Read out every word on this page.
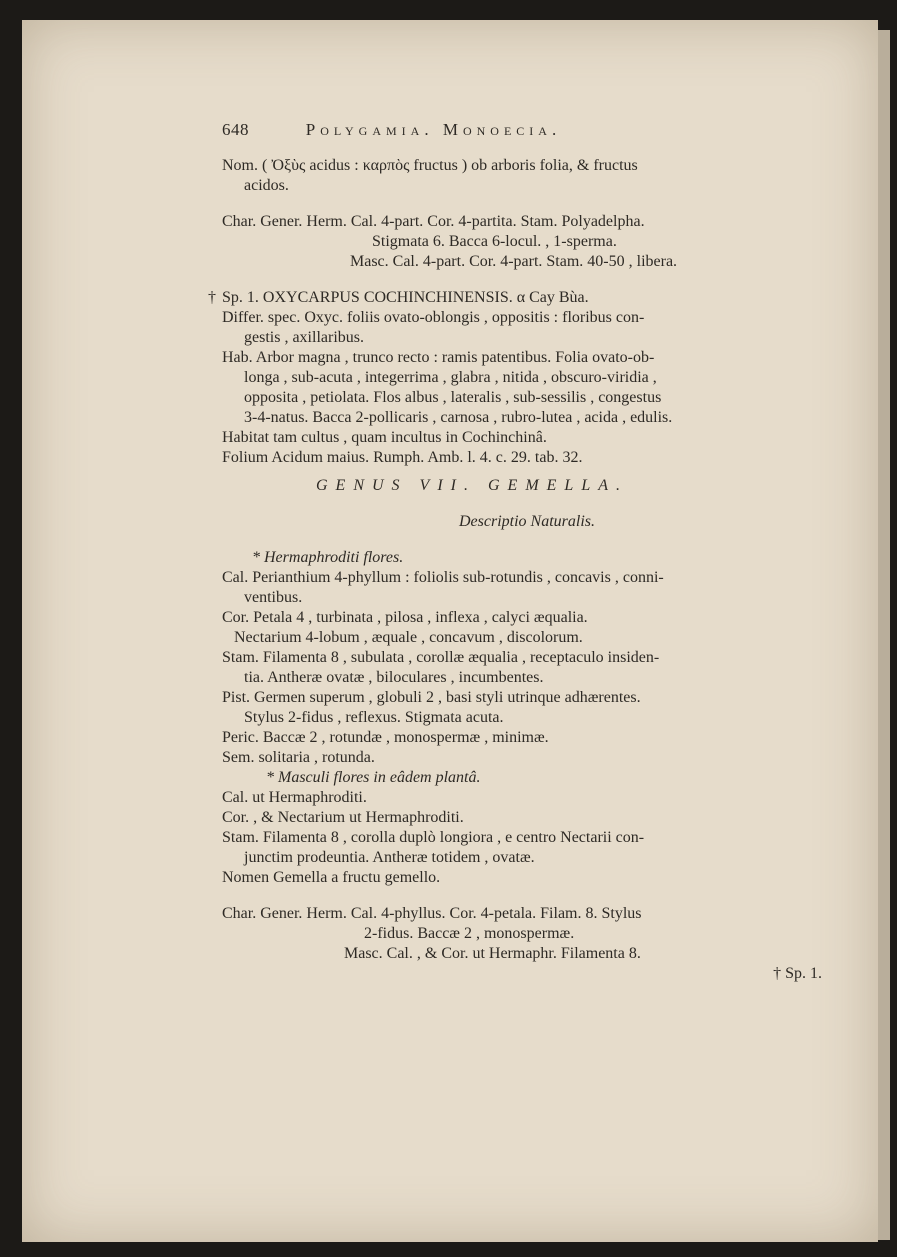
648	Polygamia. Monoecia.
Nom. ( Ὀξὺς acidus : καρπὸς fructus ) ob arboris folia, & fructus
acidos.
Char. Gener. Herm. Cal. 4-part. Cor. 4-partita. Stam. Polyadelpha.
Stigmata 6. Bacca 6-locul. , 1-sperma.
Masc. Cal. 4-part. Cor. 4-part. Stam. 40-50 , libera.
† Sp. 1. OXYCARPUS COCHINCHINENSIS. α Cay Bùa.
Differ. spec. Oxyc. foliis ovato-oblongis , oppositis : floribus con-
gestis , axillaribus.
Hab. Arbor magna , trunco recto : ramis patentibus. Folia ovato-ob-
longa , sub-acuta , integerrima , glabra , nitida , obscuro-viridia ,
opposita , petiolata. Flos albus , lateralis , sub-sessilis , congestus
3-4-natus. Bacca 2-pollicaris , carnosa , rubro-lutea , acida , edulis.
Habitat tam cultus , quam incultus in Cochinchinâ.
Folium Acidum maius. Rumph. Amb. l. 4. c. 29. tab. 32.
GENUS VII. GEMELLA.
Descriptio Naturalis.
* Hermaphroditi flores.
Cal. Perianthium 4-phyllum : foliolis sub-rotundis , concavis , conni-
ventibus.
Cor. Petala 4 , turbinata , pilosa , inflexa , calyci æqualia.
Nectarium 4-lobum , æquale , concavum , discolorum.
Stam. Filamenta 8 , subulata , corollæ æqualia , receptaculo insiden-
tia. Antheræ ovatæ , biloculares , incumbentes.
Pist. Germen superum , globuli 2 , basi styli utrinque adhærentes.
Stylus 2-fidus , reflexus. Stigmata acuta.
Peric. Baccæ 2 , rotundæ , monospermæ , minimæ.
Sem. solitaria , rotunda.
* Masculi flores in eâdem plantâ.
Cal. ut Hermaphroditi.
Cor. , & Nectarium ut Hermaphroditi.
Stam. Filamenta 8 , corolla duplò longiora , e centro Nectarii con-
junctim prodeuntia. Antheræ totidem , ovatæ.
Nomen Gemella a fructu gemello.
Char. Gener. Herm. Cal. 4-phyllus. Cor. 4-petala. Filam. 8. Stylus
2-fidus. Baccæ 2 , monospermæ.
Masc. Cal. , & Cor. ut Hermaphr. Filamenta 8.
† Sp. 1.
